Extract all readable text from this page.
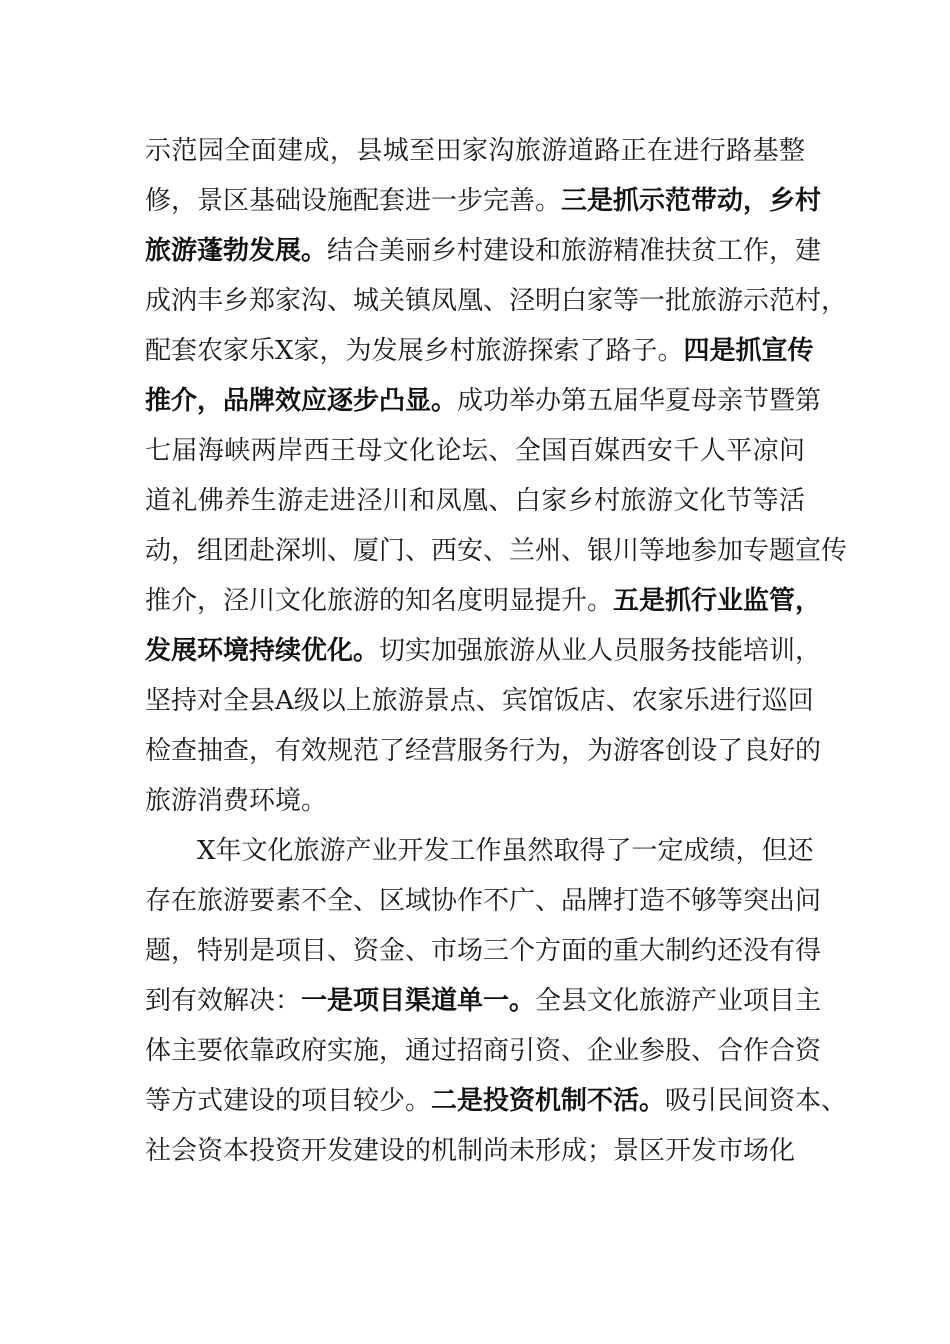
示范园全面建成，县城至田家沟旅游道路正在进行路基整
修，景区基础设施配套进一步完善。三是抓示范带动，乡村
旅游蓬勃发展。结合美丽乡村建设和旅游精准扶贫工作，建
成汭丰乡郑家沟、城关镇凤凰、泾明白家等一批旅游示范村，
配套农家乐X家，为发展乡村旅游探索了路子。四是抓宣传
推介，品牌效应逐步凸显。成功举办第五届华夏母亲节暨第
七届海峡两岸西王母文化论坛、全国百媒西安千人平凉问
道礼佛养生游走进泾川和凤凰、白家乡村旅游文化节等活
动，组团赴深圳、厦门、西安、兰州、银川等地参加专题宣传
推介，泾川文化旅游的知名度明显提升。五是抓行业监管，
发展环境持续优化。切实加强旅游从业人员服务技能培训，
坚持对全县A级以上旅游景点、宾馆饭店、农家乐进行巡回
检查抽查，有效规范了经营服务行为，为游客创设了良好的
旅游消费环境。
X年文化旅游产业开发工作虽然取得了一定成绩，但还
存在旅游要素不全、区域协作不广、品牌打造不够等突出问
题，特别是项目、资金、市场三个方面的重大制约还没有得
到有效解决：一是项目渠道单一。全县文化旅游产业项目主
体主要依靠政府实施，通过招商引资、企业参股、合作合资
等方式建设的项目较少。二是投资机制不活。吸引民间资本、
社会资本投资开发建设的机制尚未形成；景区开发市场化
